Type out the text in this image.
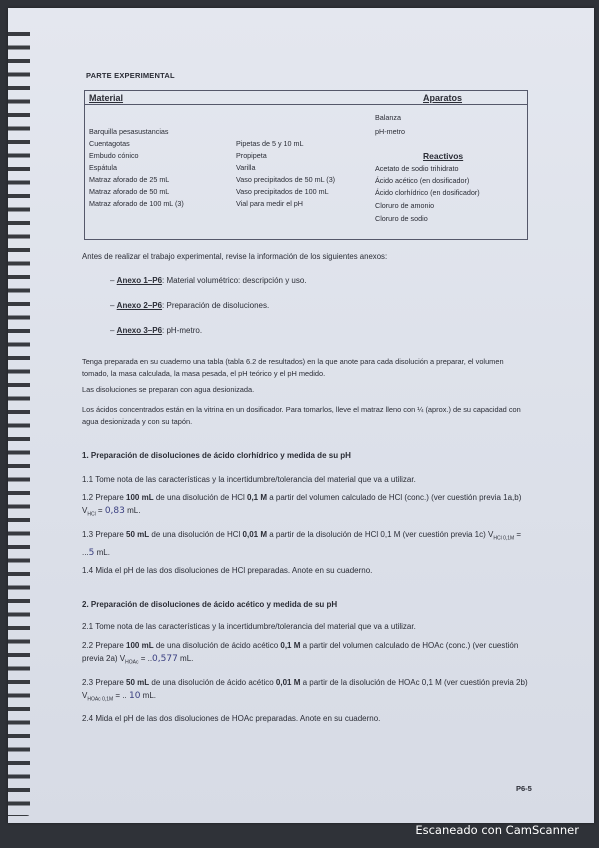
PARTE EXPERIMENTAL
Material	Aparatos
Barquilla pesasustancias
Cuentagotas
Embudo cónico
Espátula
Matraz aforado de 25 mL
Matraz aforado de 50 mL
Matraz aforado de 100 mL (3)
Pipetas de 5 y 10 mL
Propipeta
Varilla
Vaso precipitados de 50 mL (3)
Vaso precipitados de 100 mL
Vial para medir el pH
Balanza
pH-metro
Reactivos
Acetato de sodio trihidrato
Ácido acético (en dosificador)
Ácido clorhídrico (en dosificador)
Cloruro de amonio
Cloruro de sodio
Antes de realizar el trabajo experimental, revise la información de los siguientes anexos:
– Anexo 1–P6: Material volumétrico: descripción y uso.
– Anexo 2–P6: Preparación de disoluciones.
– Anexo 3–P6: pH-metro.
Tenga preparada en su cuaderno una tabla (tabla 6.2 de resultados) en la que anote para cada disolución a preparar, el volumen tomado, la masa calculada, la masa pesada, el pH teórico y el pH medido.
Las disoluciones se preparan con agua desionizada.
Los ácidos concentrados están en la vitrina en un dosificador. Para tomarlos, lleve el matraz lleno con ¼ (aprox.) de su capacidad con agua desionizada y con su tapón.
1. Preparación de disoluciones de ácido clorhídrico y medida de su pH
1.1 Tome nota de las características y la incertidumbre/tolerancia del material que va a utilizar.
1.2 Prepare 100 mL de una disolución de HCl 0,1 M a partir del volumen calculado de HCl (conc.) (ver cuestión previa 1a,b) $V_{HCl} = 0,83$ mL.
1.3 Prepare 50 mL de una disolución de HCl 0,01 M a partir de la disolución de HCl 0,1 M (ver cuestión previa 1c) $V_{HCl 0,1M} = ...5$ mL.
1.4 Mida el pH de las dos disoluciones de HCl preparadas. Anote en su cuaderno.
2. Preparación de disoluciones de ácido acético y medida de su pH
2.1 Tome nota de las características y la incertidumbre/tolerancia del material que va a utilizar.
2.2 Prepare 100 mL de una disolución de ácido acético 0,1 M a partir del volumen calculado de HOAc (conc.) (ver cuestión previa 2a) $V_{HOAc} = ..0,577$ mL.
2.3 Prepare 50 mL de una disolución de ácido acético 0,01 M a partir de la disolución de HOAc 0,1 M (ver cuestión previa 2b) $V_{HOAc 0,1M}$ = .. 10 mL.
2.4 Mida el pH de las dos disoluciones de HOAc preparadas. Anote en su cuaderno.
P6-5
Escaneado con CamScanner
